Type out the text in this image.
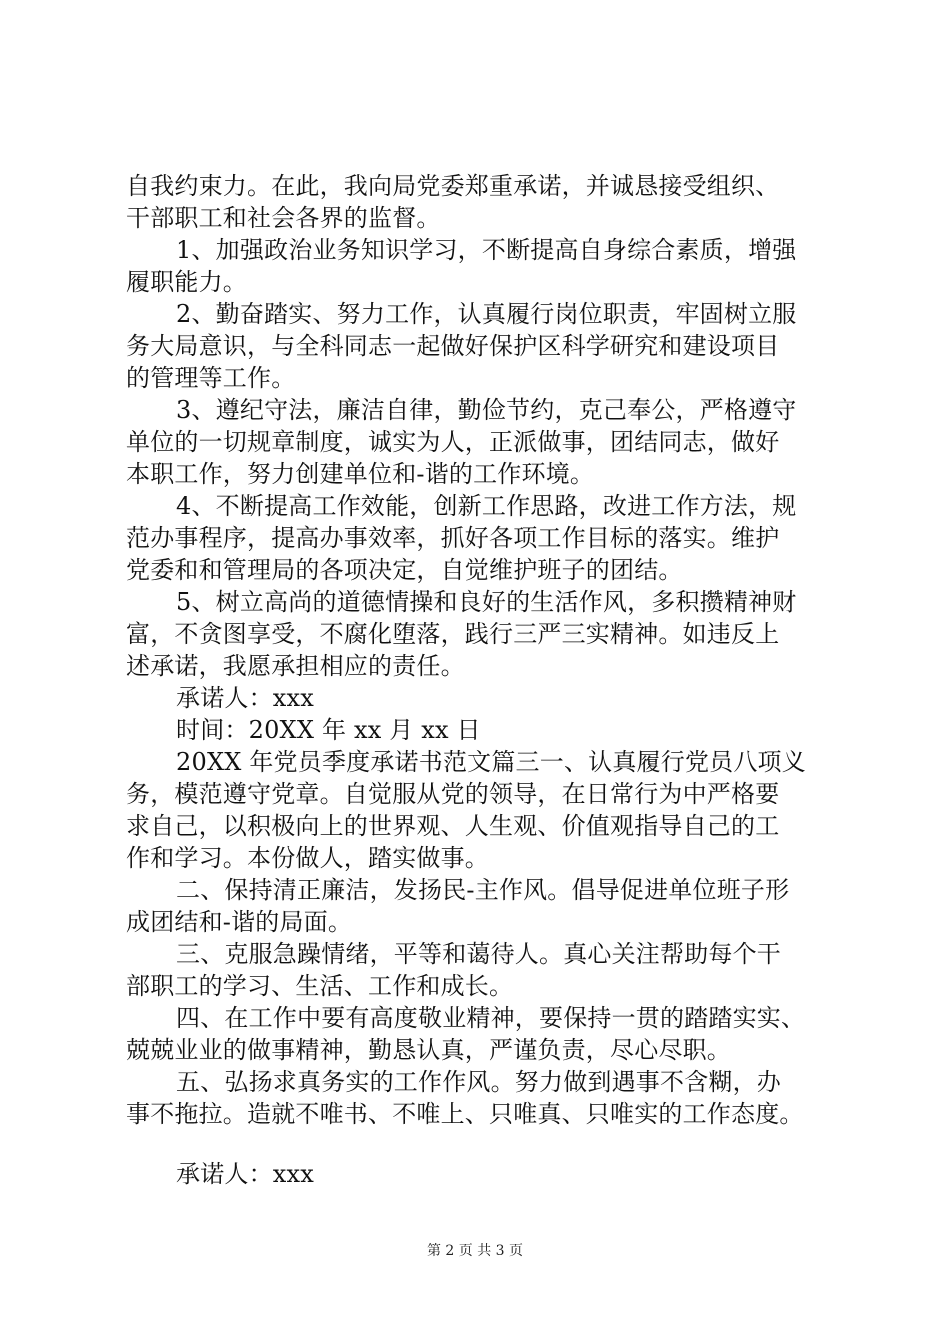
自我约束力。在此，我向局党委郑重承诺，并诚恳接受组织、
干部职工和社会各界的监督。
1、加强政治业务知识学习，不断提高自身综合素质，增强
履职能力。
2、勤奋踏实、努力工作，认真履行岗位职责，牢固树立服
务大局意识，与全科同志一起做好保护区科学研究和建设项目
的管理等工作。
3、遵纪守法，廉洁自律，勤俭节约，克己奉公，严格遵守
单位的一切规章制度，诚实为人，正派做事，团结同志，做好
本职工作，努力创建单位和-谐的工作环境。
4、不断提高工作效能，创新工作思路，改进工作方法，规
范办事程序，提高办事效率，抓好各项工作目标的落实。维护
党委和和管理局的各项决定，自觉维护班子的团结。
5、树立高尚的道德情操和良好的生活作风，多积攒精神财
富，不贪图享受，不腐化堕落，践行三严三实精神。如违反上
述承诺，我愿承担相应的责任。
承诺人：xxx
时间：20XX 年 xx 月 xx 日
20XX 年党员季度承诺书范文篇三一、认真履行党员八项义
务，模范遵守党章。自觉服从党的领导，在日常行为中严格要
求自己，以积极向上的世界观、人生观、价值观指导自己的工
作和学习。本份做人，踏实做事。
二、保持清正廉洁，发扬民-主作风。倡导促进单位班子形
成团结和-谐的局面。
三、克服急躁情绪，平等和蔼待人。真心关注帮助每个干
部职工的学习、生活、工作和成长。
四、在工作中要有高度敬业精神，要保持一贯的踏踏实实、
兢兢业业的做事精神，勤恳认真，严谨负责，尽心尽职。
五、弘扬求真务实的工作作风。努力做到遇事不含糊，办
事不拖拉。造就不唯书、不唯上、只唯真、只唯实的工作态度。
承诺人：xxx
第 2 页 共 3 页
